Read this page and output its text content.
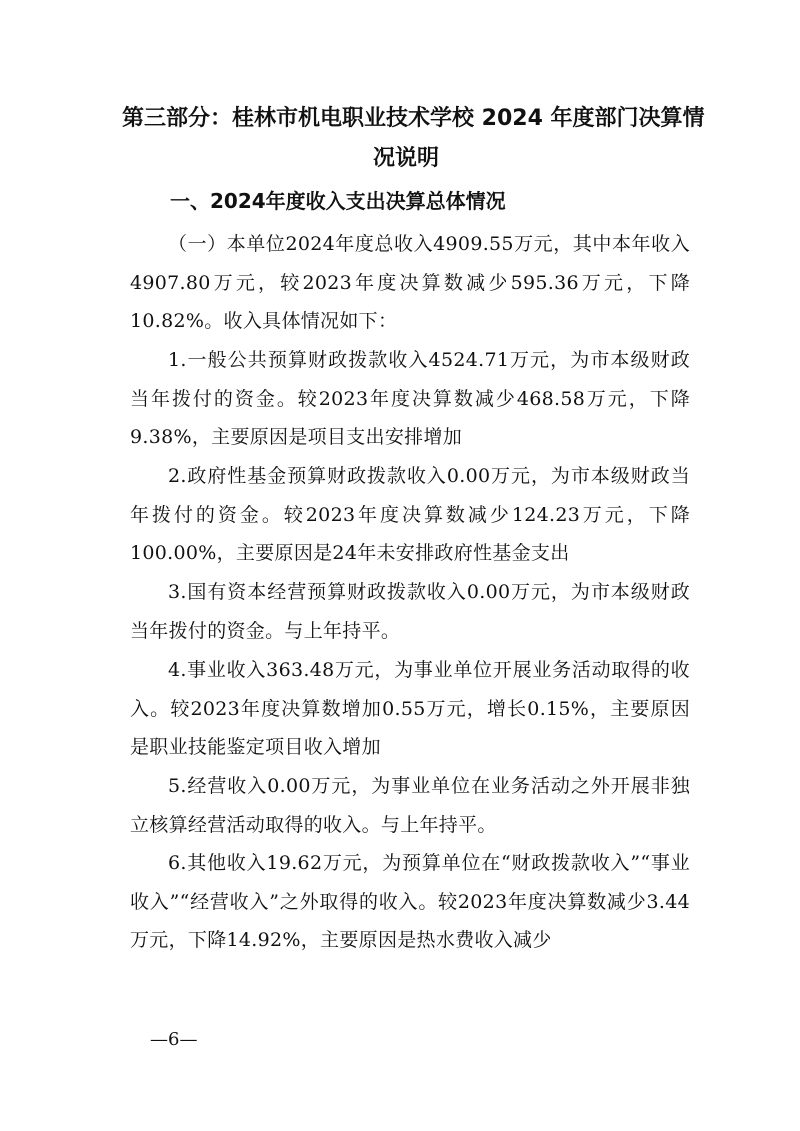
第三部分：桂林市机电职业技术学校 2024 年度部门决算情
况说明
一、2024年度收入支出决算总体情况

（一）本单位2024年度总收入4909.55万元，其中本年收入4907.80万元，较2023年度决算数减少595.36万元，下降10.82%。收入具体情况如下：

1.一般公共预算财政拨款收入4524.71万元，为市本级财政当年拨付的资金。较2023年度决算数减少468.58万元，下降9.38%，主要原因是项目支出安排增加

2.政府性基金预算财政拨款收入0.00万元，为市本级财政当年拨付的资金。较2023年度决算数减少124.23万元，下降100.00%，主要原因是24年未安排政府性基金支出

3.国有资本经营预算财政拨款收入0.00万元，为市本级财政当年拨付的资金。与上年持平。

4.事业收入363.48万元，为事业单位开展业务活动取得的收入。较2023年度决算数增加0.55万元，增长0.15%，主要原因是职业技能鉴定项目收入增加

5.经营收入0.00万元，为事业单位在业务活动之外开展非独立核算经营活动取得的收入。与上年持平。

6.其他收入19.62万元，为预算单位在“财政拨款收入”“事业收入”“经营收入”之外取得的收入。较2023年度决算数减少3.44万元，下降14.92%，主要原因是热水费收入减少

—6—
